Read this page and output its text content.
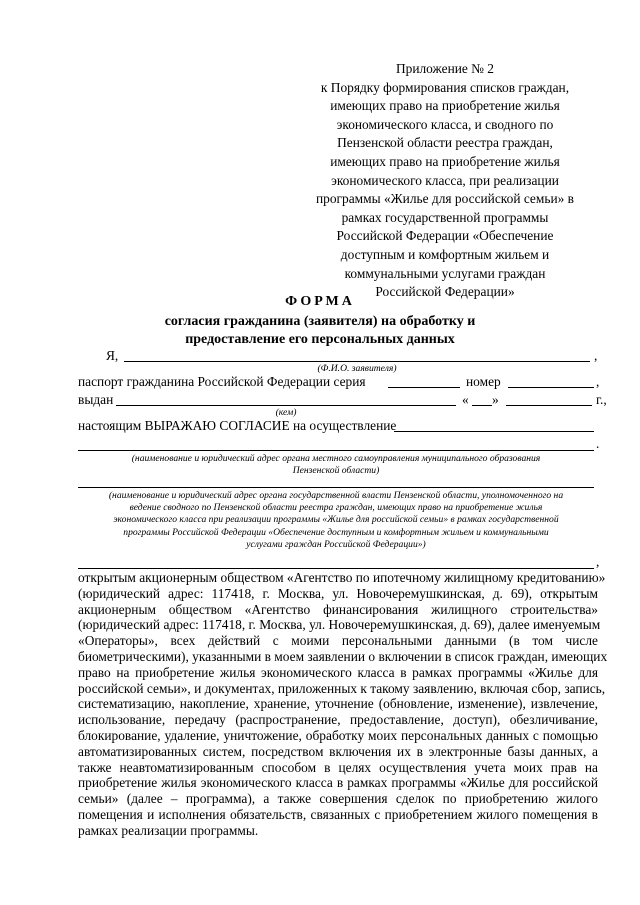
Приложение № 2
к Порядку формирования списков граждан,
имеющих право на приобретение жилья
экономического класса, и сводного по
Пензенской области реестра граждан,
имеющих право на приобретение жилья
экономического класса, при реализации
программы «Жилье для российской семьи» в
рамках государственной программы
Российской Федерации «Обеспечение
доступным и комфортным жильем и
коммунальными услугами граждан
Российской Федерации»
ФОРМА
согласия гражданина (заявителя) на обработку и
предоставление его персональных данных
Я,	,
(Ф.И.О. заявителя)
паспорт гражданина Российской Федерации серия	номер	,
выдан	« »	г.,
(кем)
настоящим ВЫРАЖАЮ СОГЛАСИЕ на осуществление
.
(наименование и юридический адрес органа местного самоуправления муниципального образования
Пензенской области)
(наименование и юридический адрес органа государственной власти Пензенской области, уполномоченного на
ведение сводного по Пензенской области реестра граждан, имеющих право на приобретение жилья
экономического класса при реализации программы «Жилье для российской семьи» в рамках государственной
программы Российской Федерации «Обеспечение доступным и комфортным жильем и коммунальными
услугами граждан Российской Федерации»)
,
открытым акционерным обществом «Агентство по ипотечному жилищному кредитованию»
(юридический адрес: 117418, г. Москва, ул. Новочеремушкинская, д. 69), открытым
акционерным обществом «Агентство финансирования жилищного строительства»
(юридический адрес: 117418, г. Москва, ул. Новочеремушкинская, д. 69), далее именуемым
«Операторы», всех действий с моими персональными данными (в том числе
биометрическими), указанными в моем заявлении о включении в список граждан, имеющих
право на приобретение жилья экономического класса в рамках программы «Жилье для
российской семьи», и документах, приложенных к такому заявлению, включая сбор, запись,
систематизацию, накопление, хранение, уточнение (обновление, изменение), извлечение,
использование, передачу (распространение, предоставление, доступ), обезличивание,
блокирование, удаление, уничтожение, обработку моих персональных данных с помощью
автоматизированных систем, посредством включения их в электронные базы данных, а
также неавтоматизированным способом в целях осуществления учета моих прав на
приобретение жилья экономического класса в рамках программы «Жилье для российской
семьи» (далее – программа), а также совершения сделок по приобретению жилого
помещения и исполнения обязательств, связанных с приобретением жилого помещения в
рамках реализации программы.
